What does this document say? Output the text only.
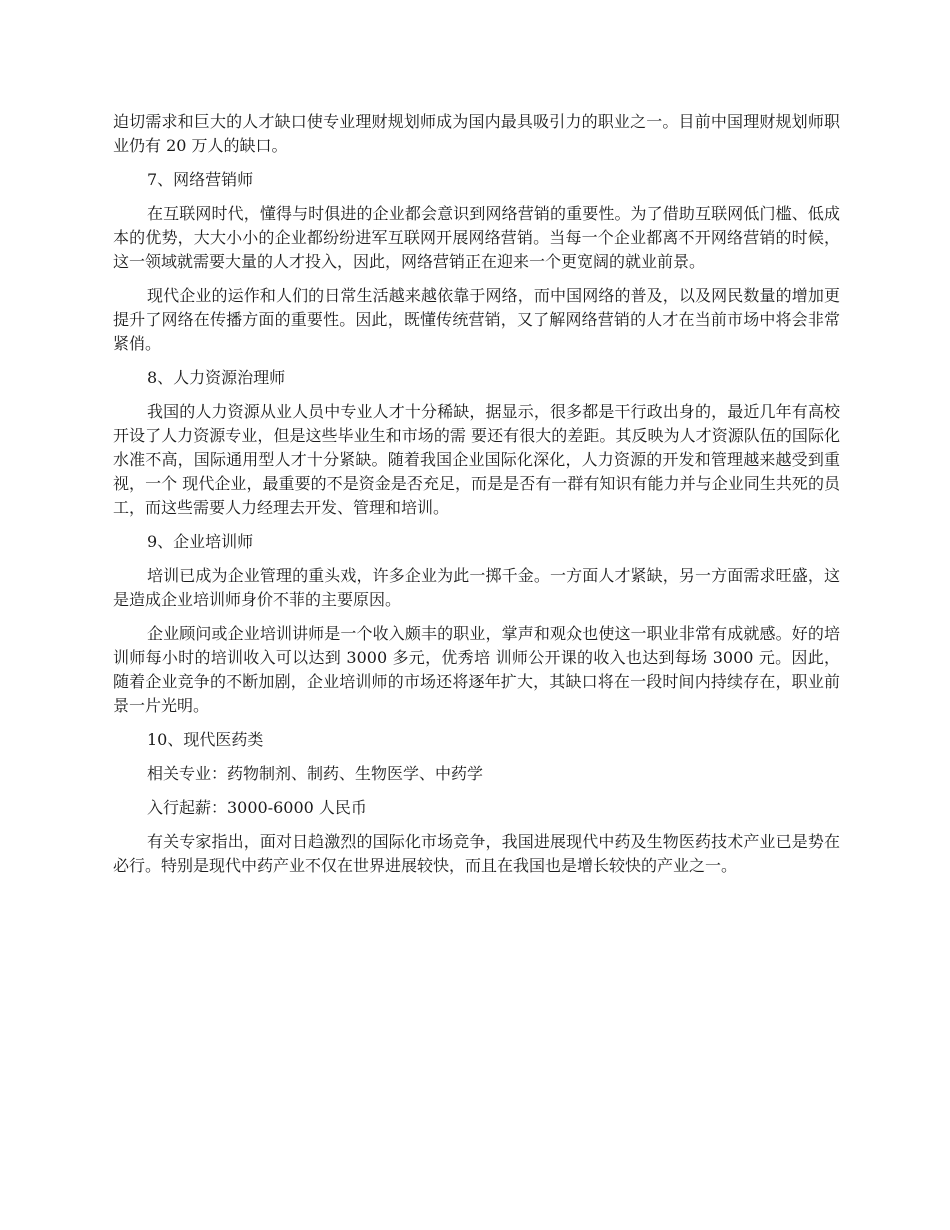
迫切需求和巨大的人才缺口使专业理财规划师成为国内最具吸引力的职业之一。目前中国理财规划师职业仍有 20 万人的缺口。

7、网络营销师

在互联网时代，懂得与时俱进的企业都会意识到网络营销的重要性。为了借助互联网低门槛、低成本的优势，大大小小的企业都纷纷进军互联网开展网络营销。当每一个企业都离不开网络营销的时候，这一领域就需要大量的人才投入，因此，网络营销正在迎来一个更宽阔的就业前景。

现代企业的运作和人们的日常生活越来越依靠于网络，而中国网络的普及，以及网民数量的增加更提升了网络在传播方面的重要性。因此，既懂传统营销，又了解网络营销的人才在当前市场中将会非常紧俏。

8、人力资源治理师

我国的人力资源从业人员中专业人才十分稀缺，据显示，很多都是干行政出身的，最近几年有高校开设了人力资源专业，但是这些毕业生和市场的需 要还有很大的差距。其反映为人才资源队伍的国际化水准不高，国际通用型人才十分紧缺。随着我国企业国际化深化，人力资源的开发和管理越来越受到重视，一个 现代企业，最重要的不是资金是否充足，而是是否有一群有知识有能力并与企业同生共死的员工，而这些需要人力经理去开发、管理和培训。

9、企业培训师

培训已成为企业管理的重头戏，许多企业为此一掷千金。一方面人才紧缺，另一方面需求旺盛，这是造成企业培训师身价不菲的主要原因。

企业顾问或企业培训讲师是一个收入颇丰的职业，掌声和观众也使这一职业非常有成就感。好的培训师每小时的培训收入可以达到 3000 多元，优秀培 训师公开课的收入也达到每场 3000 元。因此，随着企业竞争的不断加剧，企业培训师的市场还将逐年扩大，其缺口将在一段时间内持续存在，职业前景一片光明。

10、现代医药类

相关专业：药物制剂、制药、生物医学、中药学

入行起薪：3000-6000 人民币

有关专家指出，面对日趋激烈的国际化市场竞争，我国进展现代中药及生物医药技术产业已是势在必行。特别是现代中药产业不仅在世界进展较快，而且在我国也是增长较快的产业之一。
